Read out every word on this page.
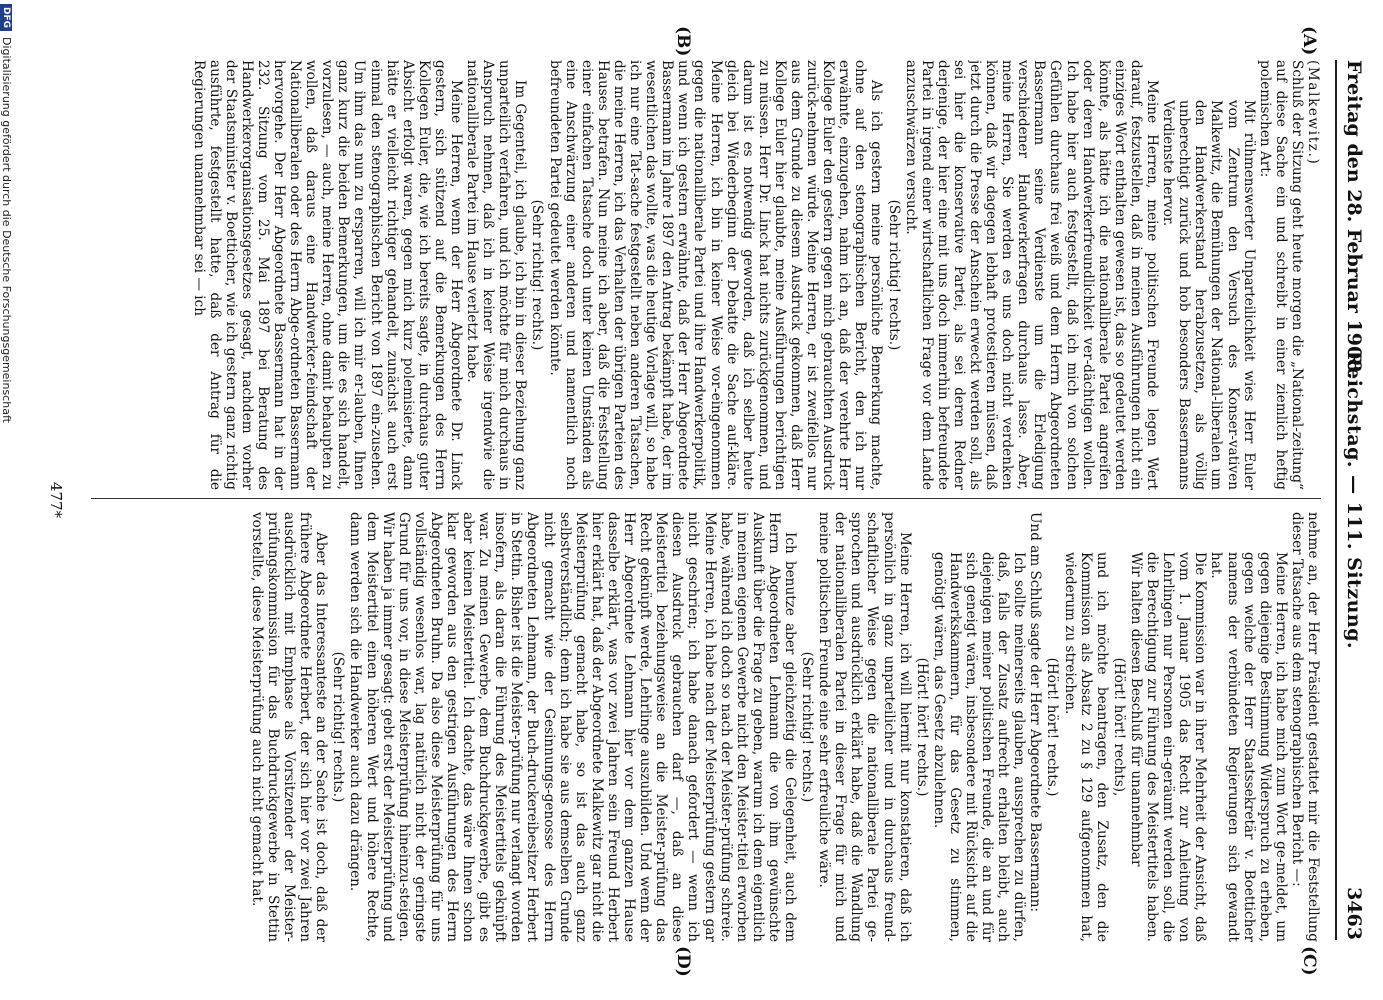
Freitag den 28. Februar 1908.
Reichstag. — 111. Sitzung.
3463
(A)
(B)
(C)
(D)

(Malkewitz.)

Schluß der Sitzung geht heute morgen die „National-zeitung“ auf diese Sache ein und schreibt in einer ziemlich heftig polemischen Art:

Mit rühmenswerter Unparteilichkeit wies Herr Euler vom Zentrum den Versuch des Konser-vativen Malkewitz, die Bemühungen der National-liberalen um den Handwerkerstand herabzusetzen, als völlig unberechtigt zurück und hob besonders Bassermanns Verdienste hervor.

Meine Herren, meine politischen Freunde legen Wert darauf, festzustellen, daß in meinen Ausführungen nicht ein einziges Wort enthalten gewesen ist, das so gedeutet werden könnte, als hätte ich die nationalliberale Partei angreifen oder deren Handwerkerfreundlichkeit ver-dächtigen wollen. Ich habe hier auch festgestellt, daß ich mich von solchen Gefühlen durchaus frei weiß und dem Herrn Abgeordneten Bassermann seine Verdienste um die Erledigung verschiedener Handwerkerfragen durchaus lasse. Aber, meine Herren, Sie werden es uns doch nicht verdenken können, daß wir dagegen lebhaft protestieren müssen, daß jetzt durch die Presse der Anschein erweckt werden soll, als sei hier die konservative Partei, als sei deren Redner derjenige, der hier eine mit uns doch immerhin befreundete Partei in irgend einer wirtschaftlichen Frage vor dem Lande anzuschwärzen versucht.

(Sehr richtig! rechts.)

Als ich gestern meine persönliche Bemerkung machte, ohne auf den stenographischen Bericht, den ich nur erwähnte, einzugehen, nahm ich an, daß der verehrte Herr Kollege Euler den gestern gegen mich gebrauchten Ausdruck zurück-nehmen würde. Meine Herren, er ist zweifellos nur aus dem Grunde zu diesem Ausdruck gekommen, daß Herr Kollege Euler hier glaubte, meine Ausführungen berichtigen zu müssen. Herr Dr. Linck hat nichts zurückgenommen, und darum ist es notwendig geworden, daß ich selber heute gleich bei Wiederbeginn der Debatte die Sache auf-kläre. Meine Herren, ich bin in keiner Weise vor-eingenommen gegen die nationalliberale Partei und ihre Handwerkerpolitik, und wenn ich gestern erwähnte, daß der Herr Abgeordnete Bassermann im Jahre 1897 den Antrag bekämpft habe, der im wesentlichen das wollte, was die heutige Vorlage will, so habe ich nur eine Tat-sache festgestellt neben anderen Tatsachen, die meine Herren, ich das Verhalten der übrigen Parteien des Hauses betrafen. Nun meine ich aber, daß die Feststellung einer einfachen Tatsache doch unter keinen Umständen als eine Anschwärzung einer anderen und namentlich noch befreundeten Partei gedeutet werden könnte.

(Sehr richtig! rechts.)

Im Gegenteil, ich glaube, ich bin in dieser Beziehung ganz unparteilich verfahren, und ich möchte für mich durchaus in Anspruch nehmen, daß ich in keiner Weise irgendwie die nationalliberale Partei im Hause verletzt habe.

Meine Herren, wenn der Herr Abgeordnete Dr. Linck gestern, sich stützend auf die Bemerkungen des Herrn Kollegen Euler, die, wie ich bereits sagte, in durchaus guter Absicht erfolgt waren, gegen mich kurz polemisierte, dann hätte er vielleicht richtiger gehandelt, zunächst auch erst einmal den stenographischen Bericht von 1897 ein-zusehen. Um ihm das nun zu ersparren, will ich mir er-lauben, Ihnen ganz kurz die beiden Bemerkungen, um die es sich handelt, vorzulesen, — auch, meine Herren, ohne damit behaupten zu wollen, daß daraus eine Handwerker-feindschaft der Nationalliberalen oder des Herrn Abge-ordneten Bassermann hervorgehe. Der Herr Abgeordnete Bassermann hat in der 232. Sitzung vom 25. Mai 1897 bei Beratung des Handwerkerorganisationsgesetzes gesagt, nachdem vorher der Staatsminister v. Boetticher, wie ich gestern ganz richtig ausführte, festgestellt hatte, daß der Antrag für die Regierungen unannehmbar sei — ich

nehme an, der Herr Präsident gestattet mir die Feststellung dieser Tatsache aus dem stenographischen Bericht —:

Meine Herren, ich habe mich zum Wort ge-meldet, um gegen diejenige Bestimmung Widerspruch zu erheben, gegen welche der Herr Staatssekretär v. Boetticher namens der verbündeten Regierungen sich gewandt hat.

Die Kommission war in ihrer Mehrheit der Ansicht, daß vom 1. Januar 1905 das Recht zur Anleitung von Lehrlingen nur Personen ein-geräumt werden soll, die die Berechtigung zur Führung des Meistertitels haben. Wir halten diesen Beschluß für unannehmbar

(Hört! hört! rechts),

und ich möchte beantragen, den Zusatz, den die Kommission als Absatz 2 zu § 129 aufgenommen hat, wiederum zu streichen.

(Hört! hört! rechts.)

Und am Schluß sagte der Herr Abgeordnete Bassermann:

Ich sollte meinerseits glauben, aussprechen zu dürfen, daß, falls der Zusatz aufrecht erhalten bleibt, auch diejenigen meiner politischen Freunde, die an und für sich geneigt wären, insbesondere mit Rücksicht auf die Handwerkskammern, für das Gesetz zu stimmen, genötigt wären, das Gesetz abzulehnen.

(Hört! hört! rechts.)

Meine Herren, ich will hiermit nur konstatieren, daß ich persönlich in ganz unparteilicher und in durchaus freund-schaftlicher Weise gegen die nationalliberale Partei ge-sprochen und ausdrücklich erklärt habe, daß die Wandlung der nationalliberalen Partei in dieser Frage für mich und meine politischen Freunde eine sehr erfreuliche wäre.

(Sehr richtig! rechts.)

Ich benutze aber gleichzeitig die Gelegenheit, auch dem Herrn Abgeordneten Lehmann die von ihm gewünschte Auskunft über die Frage zu geben, warum ich dem eigentlich in meinen eigenen Gewerbe nicht den Meister-titel erworben habe, während ich doch so nach der Meister-prüfung schreie. Meine Herren, ich habe nach der Meisterprüfung gestern gar nicht geschrien; ich habe danach gefordert — wenn ich diesen Ausdruck gebrauchen darf —, daß an diese Meistertitel beziehungsweise an die Meister-prüfung das Recht geknüpft werde, Lehrlinge auszubilden. Und wenn der Herr Abgeordnete Lehmann hier vor dem ganzen Hause dasselbe erklärt, was vor zwei Jahren sein Freund Herbert hier erklärt hat, daß der Abgeordnete Malkewitz gar nicht die Meisterprüfung gemacht habe, so ist das auch ganz selbstverständlich; denn ich habe sie aus demselben Grunde nicht gemacht wie der Gesinnungs-genosse des Herrn Abgeordneten Lehmann, der Buch-druckereibesitzer Herbert in Stettin. Bisher ist die Meister-prüfung nur verlangt worden insofern, als daran die Führung des Meistertitels geknüpft war. Zu meinen Gewerbe, dem Buchdruckgewerbe, gibt es aber keinen Meistertitel. Ich dachte, das wäre Ihnen schon klar geworden aus den gestrigen Ausführungen des Herrn Abgeordneten Bruhn. Da also diese Meisterprüfung für uns vollständig wesenlos war, lag natürlich nicht der geringste Grund für uns vor, in diese Meisterprüfung hineinzu-steigen. Wir haben ja immer gesagt: gebt erst der Meisterprüfung und dem Meistertitel einen höheren Wert und höhere Rechte, dann werden sich die Handwerker auch dazu drängen.

(Sehr richtig! rechts.)

Aber das Interessanteste an der Sache ist doch, daß der frühere Abgeordnete Herbert, der sich hier vor zwei Jahren ausdrücklich mit Emphase als Vorsitzender der Meister-prüfungskommission für das Buchdruckgewerbe in Stettin vorstellte, diese Meisterprüfung auch nicht gemacht hat.

477*
DFG
Digitalisierung gefördert durch die Deutsche Forschungsgemeinschaft
